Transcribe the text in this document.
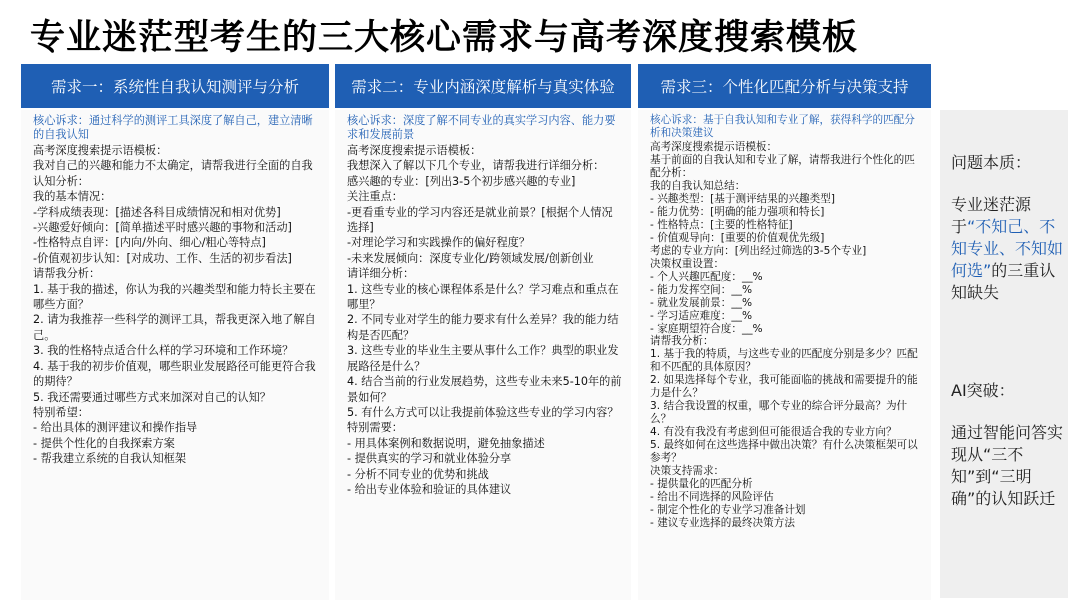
专业迷茫型考生的三大核心需求与高考深度搜索模板
需求一：系统性自我认知测评与分析
核心诉求：通过科学的测评工具深度了解自己，建立清晰的自我认知
高考深度搜索提示语模板：
我对自己的兴趣和能力不太确定，请帮我进行全面的自我认知分析：
我的基本情况：
-学科成绩表现：[描述各科目成绩情况和相对优势]
-兴趣爱好倾向：[简单描述平时感兴趣的事物和活动]
-性格特点自评：[内向/外向、细心/粗心等特点]
-价值观初步认知：[对成功、工作、生活的初步看法]
请帮我分析：
1. 基于我的描述，你认为我的兴趣类型和能力特长主要在哪些方面？
2. 请为我推荐一些科学的测评工具，帮我更深入地了解自己。
3. 我的性格特点适合什么样的学习环境和工作环境？
4. 基于我的初步价值观，哪些职业发展路径可能更符合我的期待？
5. 我还需要通过哪些方式来加深对自己的认知？
特别希望：
- 给出具体的测评建议和操作指导
- 提供个性化的自我探索方案
- 帮我建立系统的自我认知框架
需求二：专业内涵深度解析与真实体验
核心诉求：深度了解不同专业的真实学习内容、能力要求和发展前景
高考深度搜索提示语模板：
我想深入了解以下几个专业，请帮我进行详细分析：
感兴趣的专业：[列出3-5个初步感兴趣的专业]
关注重点：
-更看重专业的学习内容还是就业前景？[根据个人情况选择]
-对理论学习和实践操作的偏好程度？
-未来发展倾向：深度专业化/跨领域发展/创新创业
请详细分析：
1. 这些专业的核心课程体系是什么？学习难点和重点在哪里？
2. 不同专业对学生的能力要求有什么差异？我的能力结构是否匹配？
3. 这些专业的毕业生主要从事什么工作？典型的职业发展路径是什么？
4. 结合当前的行业发展趋势，这些专业未来5-10年的前景如何？
5. 有什么方式可以让我提前体验这些专业的学习内容？
特别需要：
- 用具体案例和数据说明，避免抽象描述
- 提供真实的学习和就业体验分享
- 分析不同专业的优势和挑战
- 给出专业体验和验证的具体建议
需求三：个性化匹配分析与决策支持
核心诉求：基于自我认知和专业了解，获得科学的匹配分析和决策建议
高考深度搜索提示语模板：
基于前面的自我认知和专业了解，请帮我进行个性化的匹配分析：
我的自我认知总结：
- 兴趣类型：[基于测评结果的兴趣类型]
- 能力优势：[明确的能力强项和特长]
- 性格特点：[主要的性格特征]
- 价值观导向：[重要的价值观优先级]
考虑的专业方向：[列出经过筛选的3-5个专业]
决策权重设置：
- 个人兴趣匹配度：__%
- 能力发挥空间：__%
- 就业发展前景：__%
- 学习适应难度：__%
- 家庭期望符合度：__%
请帮我分析：
1. 基于我的特质，与这些专业的匹配度分别是多少？匹配和不匹配的具体原因？
2. 如果选择每个专业，我可能面临的挑战和需要提升的能力是什么？
3. 结合我设置的权重，哪个专业的综合评分最高？为什么？
4. 有没有我没有考虑到但可能很适合我的专业方向？
5. 最终如何在这些选择中做出决策？有什么决策框架可以参考？
决策支持需求：
- 提供量化的匹配分析
- 给出不同选择的风险评估
- 制定个性化的专业学习准备计划
- 建议专业选择的最终决策方法
问题本质：
专业迷茫源于“不知己、不知专业、不知如何选”的三重认知缺失
AI突破：
通过智能问答实现从“三不知”到“三明确”的认知跃迁
